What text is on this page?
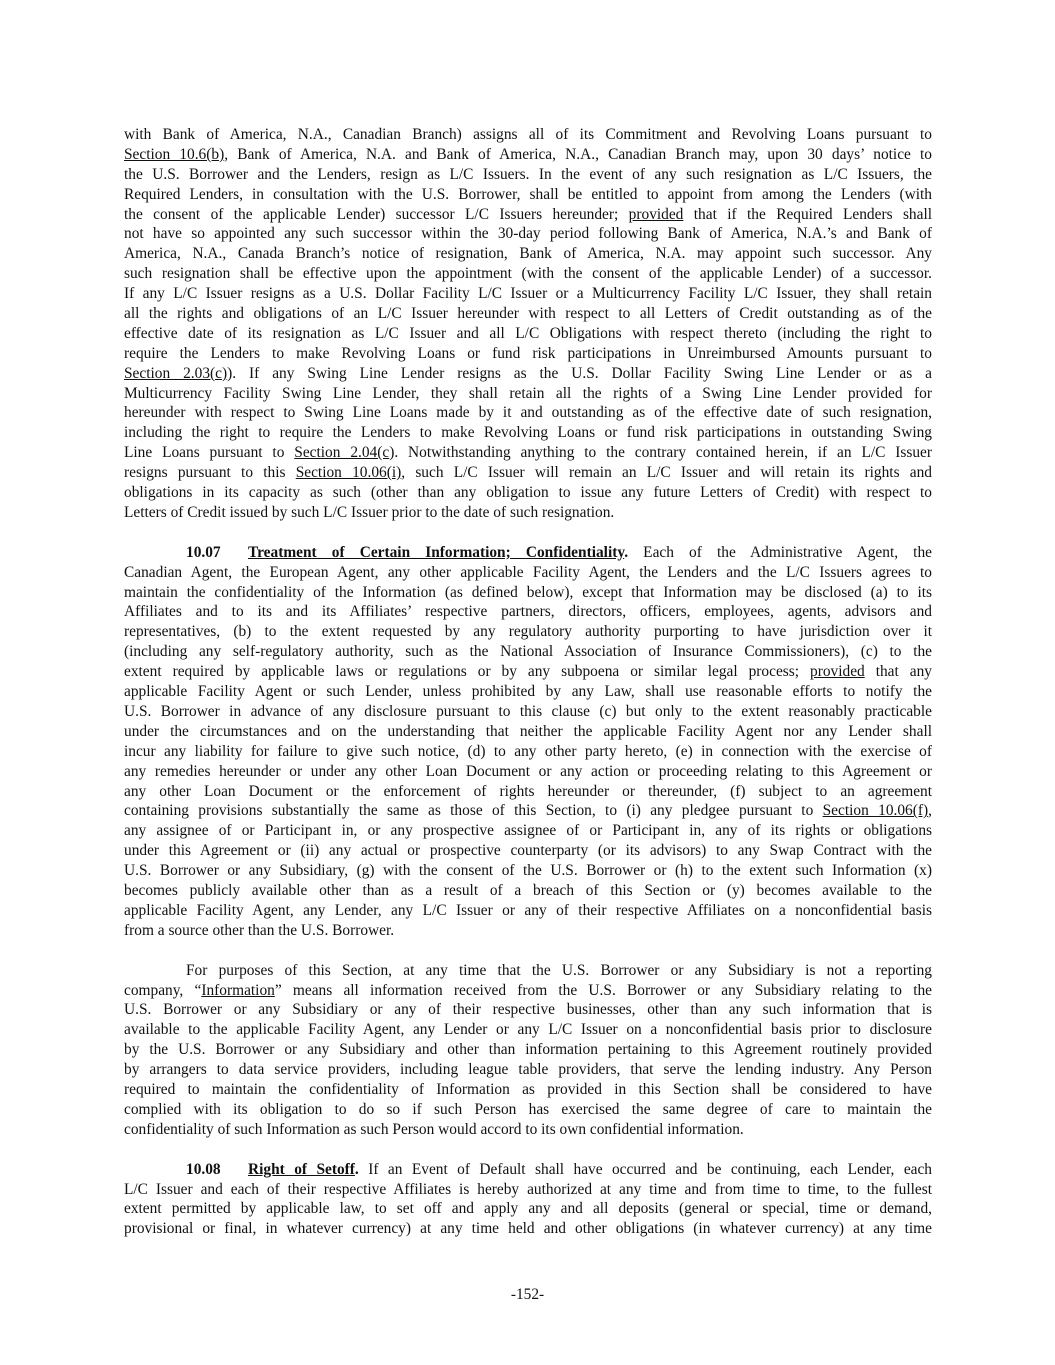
with Bank of America, N.A., Canadian Branch) assigns all of its Commitment and Revolving Loans pursuant to
Section 10.6(b), Bank of America, N.A. and Bank of America, N.A., Canadian Branch may, upon 30 days’ notice to
the U.S. Borrower and the Lenders, resign as L/C Issuers. In the event of any such resignation as L/C Issuers, the
Required Lenders, in consultation with the U.S. Borrower, shall be entitled to appoint from among the Lenders (with
the consent of the applicable Lender) successor L/C Issuers hereunder; provided that if the Required Lenders shall
not have so appointed any such successor within the 30-day period following Bank of America, N.A.’s and Bank of
America, N.A., Canada Branch’s notice of resignation, Bank of America, N.A. may appoint such successor. Any
such resignation shall be effective upon the appointment (with the consent of the applicable Lender) of a successor.
If any L/C Issuer resigns as a U.S. Dollar Facility L/C Issuer or a Multicurrency Facility L/C Issuer, they shall retain
all the rights and obligations of an L/C Issuer hereunder with respect to all Letters of Credit outstanding as of the
effective date of its resignation as L/C Issuer and all L/C Obligations with respect thereto (including the right to
require the Lenders to make Revolving Loans or fund risk participations in Unreimbursed Amounts pursuant to
Section 2.03(c)). If any Swing Line Lender resigns as the U.S. Dollar Facility Swing Line Lender or as a
Multicurrency Facility Swing Line Lender, they shall retain all the rights of a Swing Line Lender provided for
hereunder with respect to Swing Line Loans made by it and outstanding as of the effective date of such resignation,
including the right to require the Lenders to make Revolving Loans or fund risk participations in outstanding Swing
Line Loans pursuant to Section 2.04(c). Notwithstanding anything to the contrary contained herein, if an L/C Issuer
resigns pursuant to this Section 10.06(i), such L/C Issuer will remain an L/C Issuer and will retain its rights and
obligations in its capacity as such (other than any obligation to issue any future Letters of Credit) with respect to
Letters of Credit issued by such L/C Issuer prior to the date of such resignation.
10.07 Treatment of Certain Information; Confidentiality. Each of the Administrative Agent, the
Canadian Agent, the European Agent, any other applicable Facility Agent, the Lenders and the L/C Issuers agrees to
maintain the confidentiality of the Information (as defined below), except that Information may be disclosed (a) to its
Affiliates and to its and its Affiliates’ respective partners, directors, officers, employees, agents, advisors and
representatives, (b) to the extent requested by any regulatory authority purporting to have jurisdiction over it
(including any self-regulatory authority, such as the National Association of Insurance Commissioners), (c) to the
extent required by applicable laws or regulations or by any subpoena or similar legal process; provided that any
applicable Facility Agent or such Lender, unless prohibited by any Law, shall use reasonable efforts to notify the
U.S. Borrower in advance of any disclosure pursuant to this clause (c) but only to the extent reasonably practicable
under the circumstances and on the understanding that neither the applicable Facility Agent nor any Lender shall
incur any liability for failure to give such notice, (d) to any other party hereto, (e) in connection with the exercise of
any remedies hereunder or under any other Loan Document or any action or proceeding relating to this Agreement or
any other Loan Document or the enforcement of rights hereunder or thereunder, (f) subject to an agreement
containing provisions substantially the same as those of this Section, to (i) any pledgee pursuant to Section 10.06(f),
any assignee of or Participant in, or any prospective assignee of or Participant in, any of its rights or obligations
under this Agreement or (ii) any actual or prospective counterparty (or its advisors) to any Swap Contract with the
U.S. Borrower or any Subsidiary, (g) with the consent of the U.S. Borrower or (h) to the extent such Information (x)
becomes publicly available other than as a result of a breach of this Section or (y) becomes available to the
applicable Facility Agent, any Lender, any L/C Issuer or any of their respective Affiliates on a nonconfidential basis
from a source other than the U.S. Borrower.
For purposes of this Section, at any time that the U.S. Borrower or any Subsidiary is not a reporting
company, “Information” means all information received from the U.S. Borrower or any Subsidiary relating to the
U.S. Borrower or any Subsidiary or any of their respective businesses, other than any such information that is
available to the applicable Facility Agent, any Lender or any L/C Issuer on a nonconfidential basis prior to disclosure
by the U.S. Borrower or any Subsidiary and other than information pertaining to this Agreement routinely provided
by arrangers to data service providers, including league table providers, that serve the lending industry. Any Person
required to maintain the confidentiality of Information as provided in this Section shall be considered to have
complied with its obligation to do so if such Person has exercised the same degree of care to maintain the
confidentiality of such Information as such Person would accord to its own confidential information.
10.08 Right of Setoff. If an Event of Default shall have occurred and be continuing, each Lender, each
L/C Issuer and each of their respective Affiliates is hereby authorized at any time and from time to time, to the fullest
extent permitted by applicable law, to set off and apply any and all deposits (general or special, time or demand,
provisional or final, in whatever currency) at any time held and other obligations (in whatever currency) at any time
-152-
